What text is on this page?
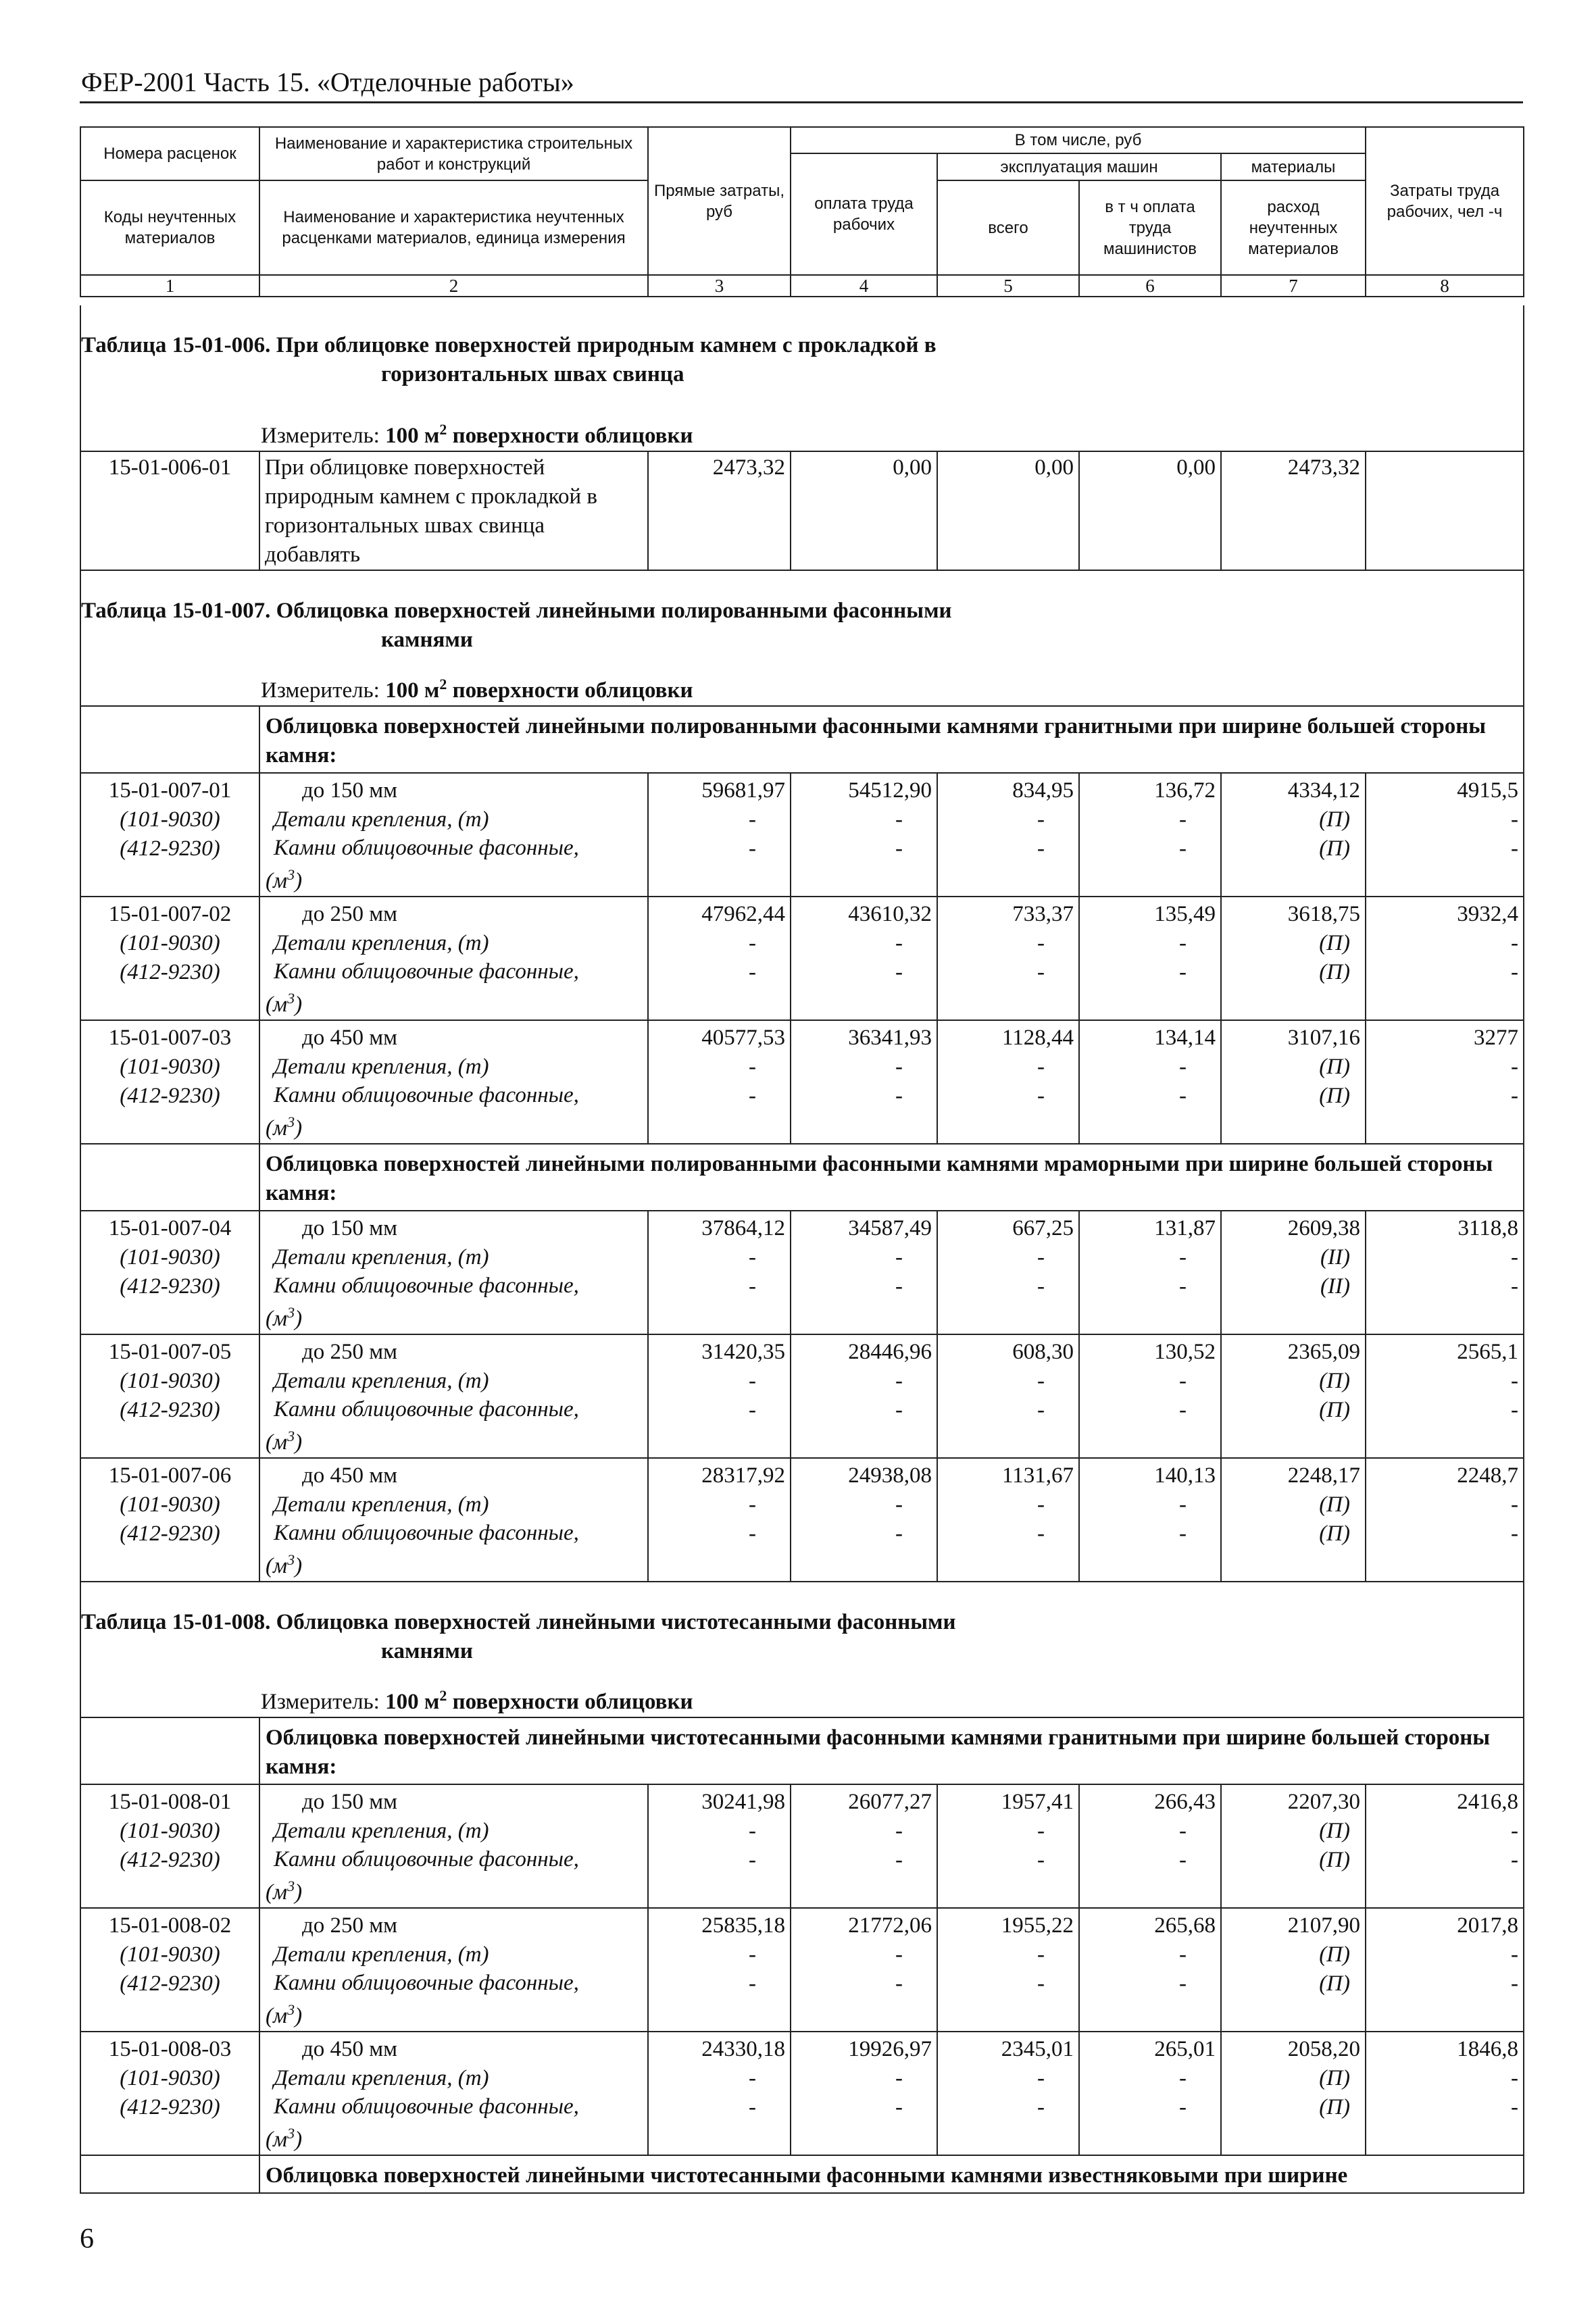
ФЕР-2001 Часть 15. «Отделочные работы»
Номера расценок	Наименование и характеристика строительных работ и конструкций	Прямые затраты, руб	В том числе, руб				Затраты труда рабочих, чел -ч
			оплата труда рабочих	эксплуатация машин		материалы	
Коды неучтенных материалов	Наименование и характеристика неучтенных расценками материалов, единица измерения			всего	в т ч оплата труда машинистов	расход неучтенных материалов	

1	2	3	4	5	6	7	8
Таблица 15-01-006. При облицовке поверхностей природным камнем с прокладкой в
горизонтальных швах свинца							

Измеритель: 100 $м^2$ поверхности облицовки							
15-01-006-01	При облицовке поверхностей природным камнем с прокладкой в горизонтальных швах свинца добавлять	2473,32	0,00	0,00	0,00	2473,32	
Таблица 15-01-007. Облицовка поверхностей линейными полированными фасонными
камнями							

Измеритель: 100 $м^2$ поверхности облицовки							
	Облицовка поверхностей линейными полированными фасонными камнями гранитными при ширине большей стороны камня:						
15-01-007-01	до 150 мм	59681,97	54512,90	834,95	136,72	4334,12	4915,5
(101-9030)	Детали крепления, (т)	-	-	-	-	(П)	-
(412-9230)	Камни облицовочные фасонные,
$(м^3)$	-	-	-	-	(П)	-
15-01-007-02	до 250 мм	47962,44	43610,32	733,37	135,49	3618,75	3932,4
(101-9030)	Детали крепления, (т)	-	-	-	-	(П)	-
(412-9230)	Камни облицовочные фасонные,
$(м^3)$	-	-	-	-	(П)	-
15-01-007-03	до 450 мм	40577,53	36341,93	1128,44	134,14	3107,16	3277
(101-9030)	Детали крепления, (т)	-	-	-	-	(П)	-
(412-9230)	Камни облицовочные фасонные,
$(м^3)$	-	-	-	-	(П)	-
	Облицовка поверхностей линейными полированными фасонными камнями мраморными при ширине большей стороны камня:						
15-01-007-04	до 150 мм	37864,12	34587,49	667,25	131,87	2609,38	3118,8
(101-9030)	Детали крепления, (т)	-	-	-	-	(II)	-
(412-9230)	Камни облицовочные фасонные,
$(м^3)$	-	-	-	-	(II)	-
15-01-007-05	до 250 мм	31420,35	28446,96	608,30	130,52	2365,09	2565,1
(101-9030)	Детали крепления, (т)	-	-	-	-	(П)	-
(412-9230)	Камни облицовочные фасонные,
$(м^3)$	-	-	-	-	(П)	-
15-01-007-06	до 450 мм	28317,92	24938,08	1131,67	140,13	2248,17	2248,7
(101-9030)	Детали крепления, (т)	-	-	-	-	(П)	-
(412-9230)	Камни облицовочные фасонные,
$(м^3)$	-	-	-	-	(П)	-
Таблица 15-01-008. Облицовка поверхностей линейными чистотесанными фасонными
камнями							

Измеритель: 100 $м^2$ поверхности облицовки							
	Облицовка поверхностей линейными чистотесанными фасонными камнями гранитными при ширине большей стороны камня:						
15-01-008-01	до 150 мм	30241,98	26077,27	1957,41	266,43	2207,30	2416,8
(101-9030)	Детали крепления, (т)	-	-	-	-	(П)	-
(412-9230)	Камни облицовочные фасонные,
$(м^3)$	-	-	-	-	(П)	-
15-01-008-02	до 250 мм	25835,18	21772,06	1955,22	265,68	2107,90	2017,8
(101-9030)	Детали крепления, (т)	-	-	-	-	(П)	-
(412-9230)	Камни облицовочные фасонные,
$(м^3)$	-	-	-	-	(П)	-
15-01-008-03	до 450 мм	24330,18	19926,97	2345,01	265,01	2058,20	1846,8
(101-9030)	Детали крепления, (т)	-	-	-	-	(П)	-
(412-9230)	Камни облицовочные фасонные,
$(м^3)$	-	-	-	-	(П)	-
	Облицовка поверхностей линейными чистотесанными фасонными камнями известняковыми при ширине						
6
